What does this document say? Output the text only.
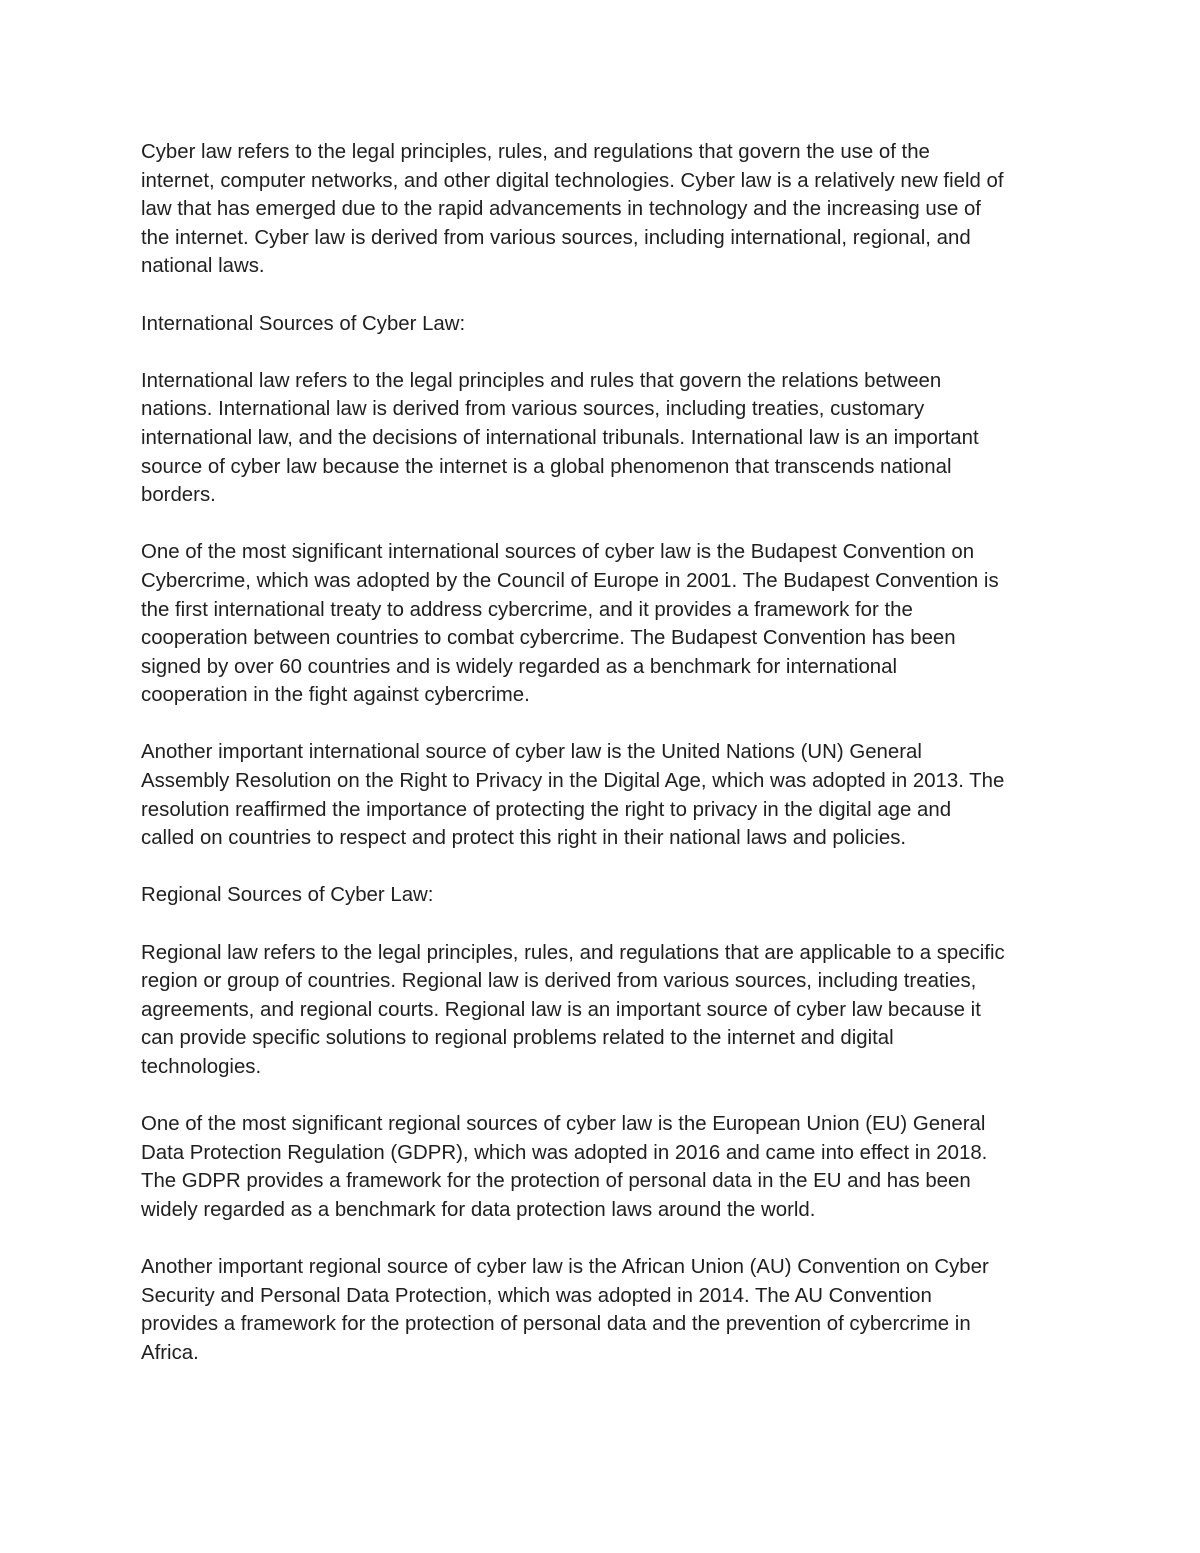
Cyber law refers to the legal principles, rules, and regulations that govern the use of the
internet, computer networks, and other digital technologies. Cyber law is a relatively new field of
law that has emerged due to the rapid advancements in technology and the increasing use of
the internet. Cyber law is derived from various sources, including international, regional, and
national laws.
International Sources of Cyber Law:
International law refers to the legal principles and rules that govern the relations between
nations. International law is derived from various sources, including treaties, customary
international law, and the decisions of international tribunals. International law is an important
source of cyber law because the internet is a global phenomenon that transcends national
borders.
One of the most significant international sources of cyber law is the Budapest Convention on
Cybercrime, which was adopted by the Council of Europe in 2001. The Budapest Convention is
the first international treaty to address cybercrime, and it provides a framework for the
cooperation between countries to combat cybercrime. The Budapest Convention has been
signed by over 60 countries and is widely regarded as a benchmark for international
cooperation in the fight against cybercrime.
Another important international source of cyber law is the United Nations (UN) General
Assembly Resolution on the Right to Privacy in the Digital Age, which was adopted in 2013. The
resolution reaffirmed the importance of protecting the right to privacy in the digital age and
called on countries to respect and protect this right in their national laws and policies.
Regional Sources of Cyber Law:
Regional law refers to the legal principles, rules, and regulations that are applicable to a specific
region or group of countries. Regional law is derived from various sources, including treaties,
agreements, and regional courts. Regional law is an important source of cyber law because it
can provide specific solutions to regional problems related to the internet and digital
technologies.
One of the most significant regional sources of cyber law is the European Union (EU) General
Data Protection Regulation (GDPR), which was adopted in 2016 and came into effect in 2018.
The GDPR provides a framework for the protection of personal data in the EU and has been
widely regarded as a benchmark for data protection laws around the world.
Another important regional source of cyber law is the African Union (AU) Convention on Cyber
Security and Personal Data Protection, which was adopted in 2014. The AU Convention
provides a framework for the protection of personal data and the prevention of cybercrime in
Africa.
